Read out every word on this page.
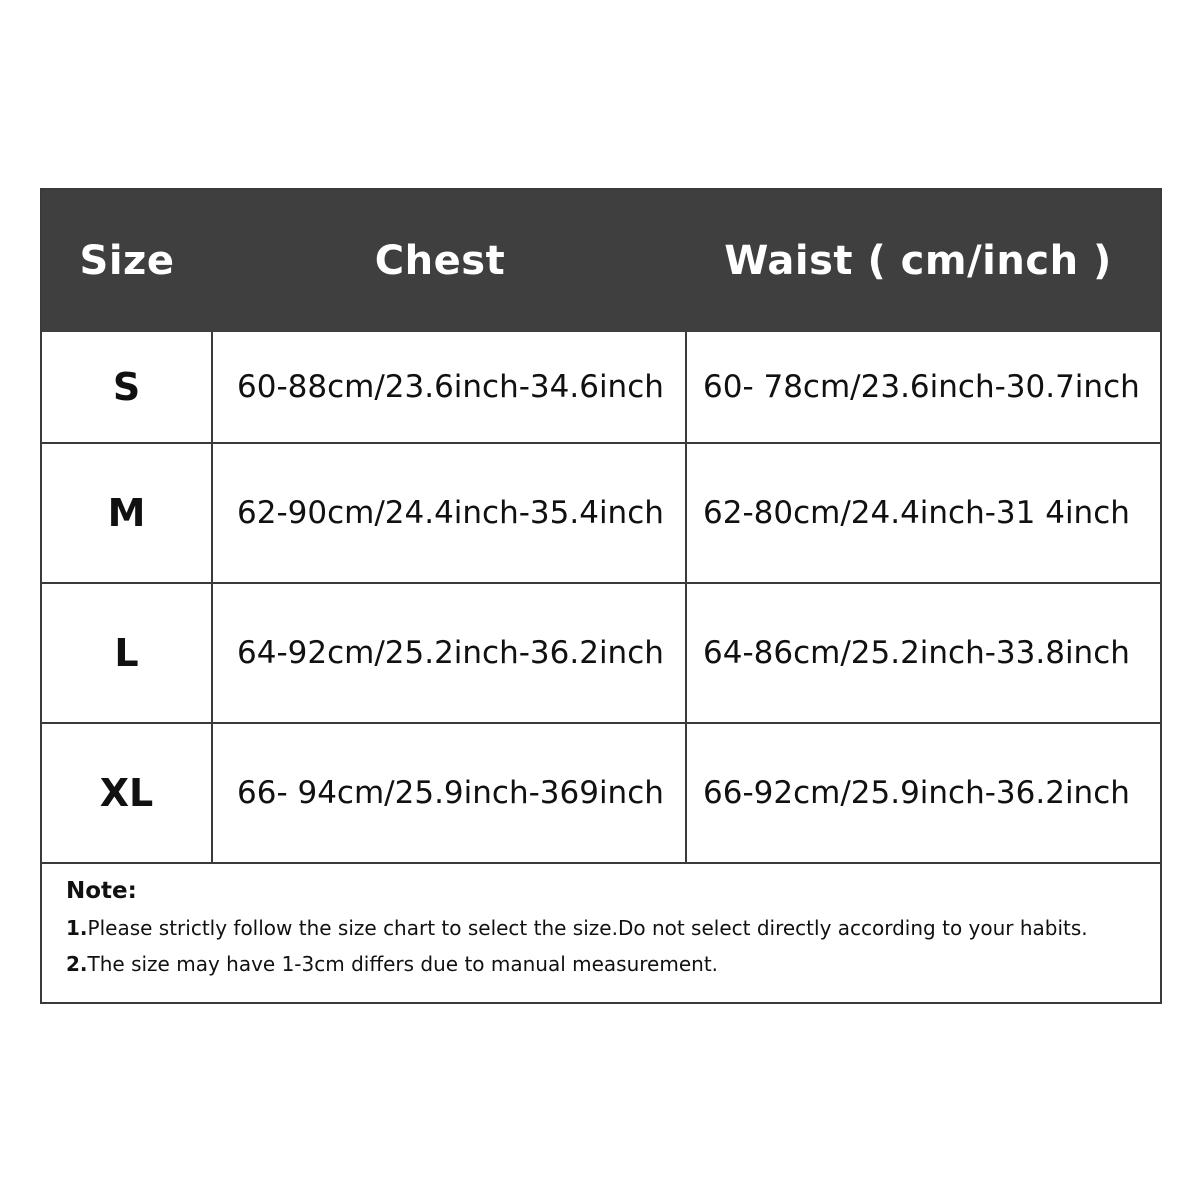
Size	Chest	Waist ( cm/inch )
S	60-88cm/23.6inch-34.6inch	60- 78cm/23.6inch-30.7inch
M	62-90cm/24.4inch-35.4inch	62-80cm/24.4inch-31 4inch
L	64-92cm/25.2inch-36.2inch	64-86cm/25.2inch-33.8inch
XL	66- 94cm/25.9inch-369inch	66-92cm/25.9inch-36.2inch

Note:

1.Please strictly follow the size chart to select the size.Do not select directly according to your habits.

2.The size may have 1-3cm differs due to manual measurement.
